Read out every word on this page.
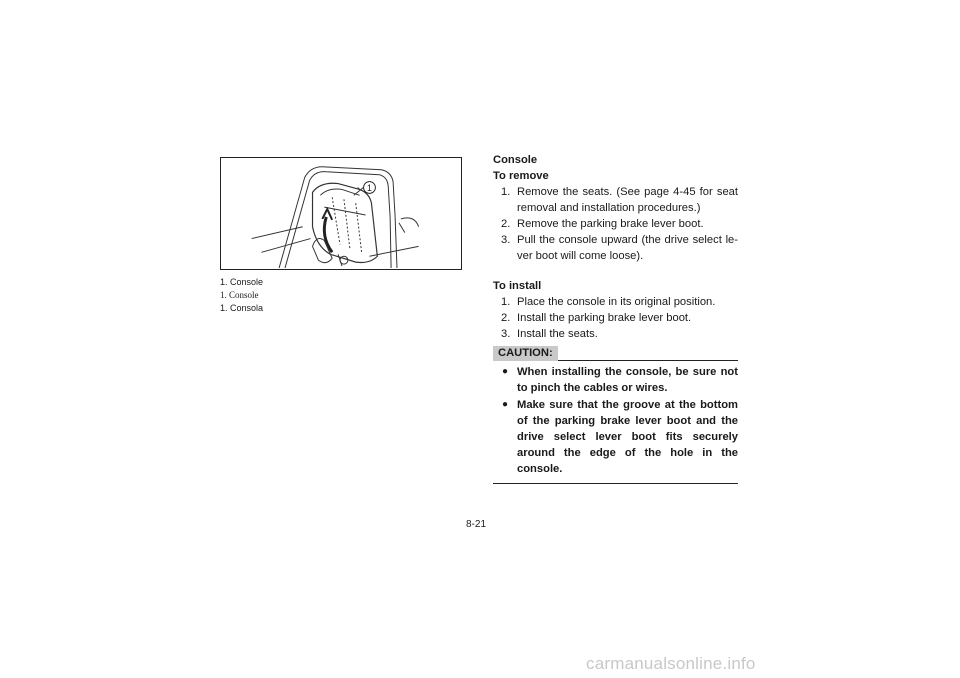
1
1. Console
1. Console
1. Consola
Console
To remove
1. Remove the seats. (See page 4-45 for seat removal and installation procedures.)
2. Remove the parking brake lever boot.
3. Pull the console upward (the drive select le-ver boot will come loose).
To install
1. Place the console in its original position.
2. Install the parking brake lever boot.
3. Install the seats.
CAUTION:
● When installing the console, be sure not to pinch the cables or wires.
● Make sure that the groove at the bottom of the parking brake lever boot and the drive select lever boot fits securely around the edge of the hole in the console.
8-21
carmanualsonline.info
